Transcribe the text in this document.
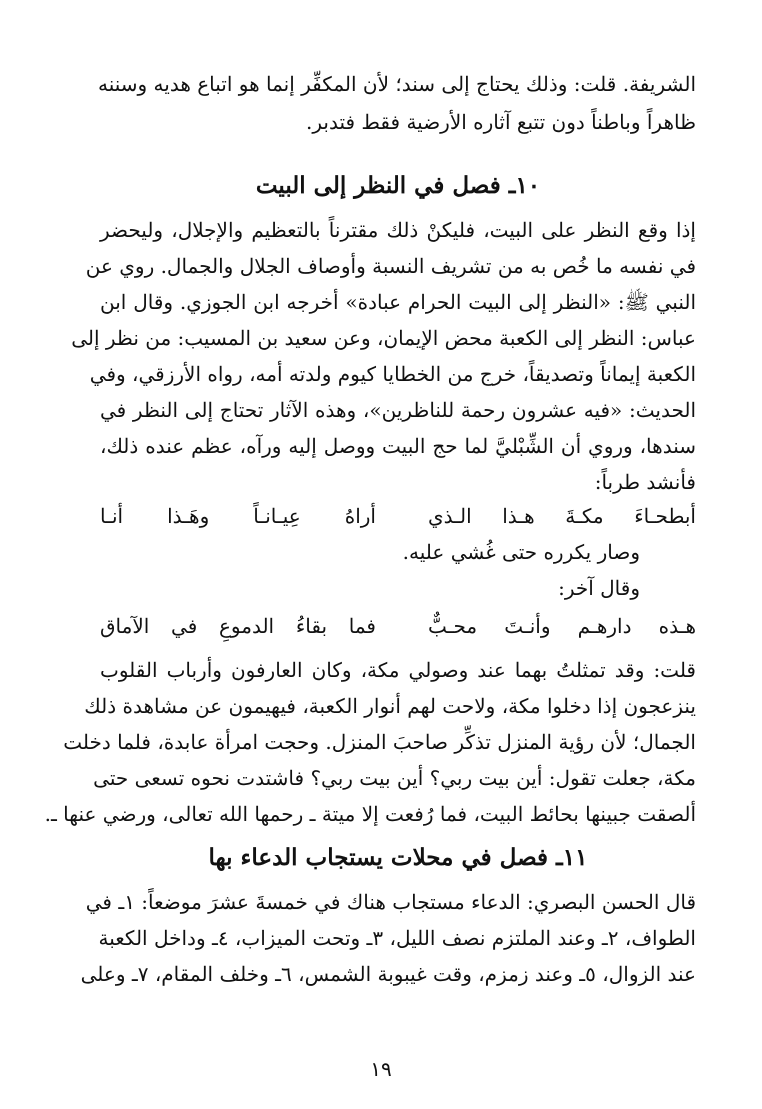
الشريفة. قلت: وذلك يحتاج إلى سند؛ لأن المكفِّر إنما هو اتباع هديه وسننه
ظاهراً وباطناً دون تتبع آثاره الأرضية فقط فتدبر.
١٠ـ فصل في النظر إلى البيت
إذا وقع النظر على البيت، فليكنْ ذلك مقترناً بالتعظيم والإجلال، وليحضر
في نفسه ما خُص به من تشريف النسبة وأوصاف الجلال والجمال. روي عن
النبي ﷺ: «النظر إلى البيت الحرام عبادة» أخرجه ابن الجوزي. وقال ابن
عباس: النظر إلى الكعبة محض الإيمان، وعن سعيد بن المسيب: من نظر إلى
الكعبة إيماناً وتصديقاً، خرج من الخطايا كيوم ولدته أمه، رواه الأرزقي، وفي
الحديث: «فيه عشرون رحمة للناظرين»، وهذه الآثار تحتاج إلى النظر في
سندها، وروي أن الشِّبْليَّ لما حج البيت ووصل إليه ورآه، عظم عنده ذلك،
فأنشد طرباً:
أبطحـاءَ مكـةَ هـذا الـذي
أراهُ عِيـانـاً وهَـذا أنـا
وصار يكرره حتى غُشي عليه.
وقال آخر:
هـذه دارهـم وأنـتَ محـبٌّ
فما بقاءُ الدموعِ في الآماق
قلت: وقد تمثلتُ بهما عند وصولي مكة، وكان العارفون وأرباب القلوب
ينزعجون إذا دخلوا مكة، ولاحت لهم أنوار الكعبة، فيهيمون عن مشاهدة ذلك
الجمال؛ لأن رؤية المنزل تذكِّر صاحبَ المنزل. وحجت امرأة عابدة، فلما دخلت
مكة، جعلت تقول: أين بيت ربي؟ أين بيت ربي؟ فاشتدت نحوه تسعى حتى
ألصقت جبينها بحائط البيت، فما رُفعت إلا ميتة ـ رحمها الله تعالى، ورضي عنها ـ.
١١ـ فصل في محلات يستجاب الدعاء بها
قال الحسن البصري: الدعاء مستجاب هناك في خمسةَ عشرَ موضعاً: ١ـ في
الطواف، ٢ـ وعند الملتزم نصف الليل، ٣ـ وتحت الميزاب، ٤ـ وداخل الكعبة
عند الزوال، ٥ـ وعند زمزم، وقت غيبوبة الشمس، ٦ـ وخلف المقام، ٧ـ وعلى
١٩
